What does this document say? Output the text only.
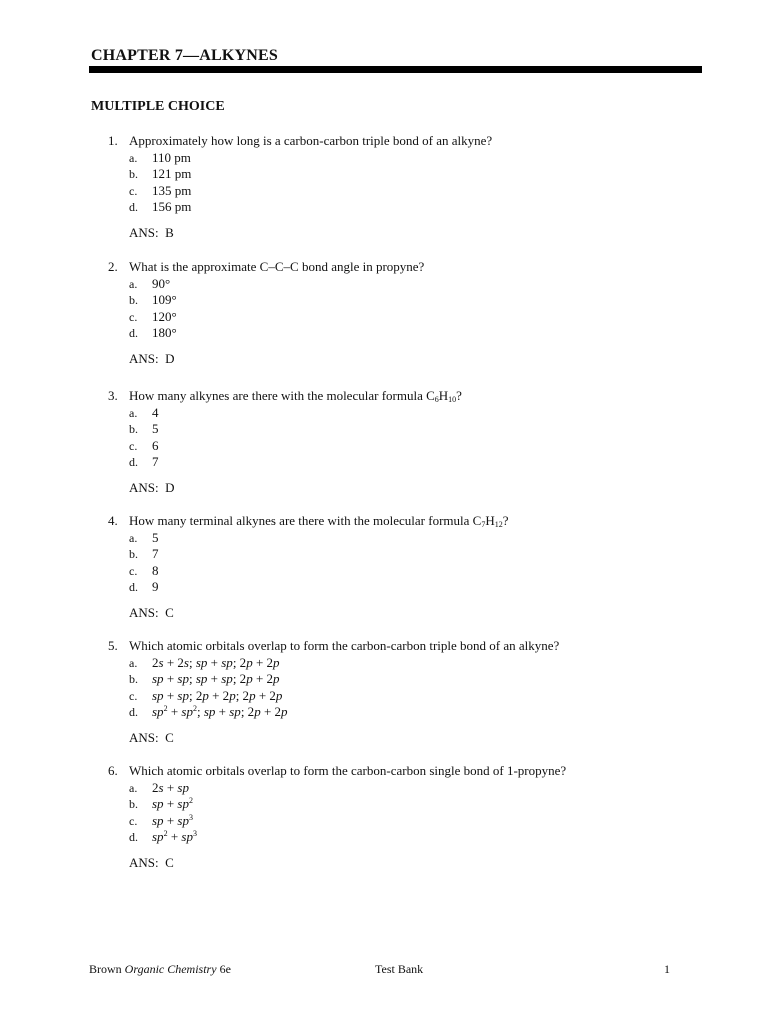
CHAPTER 7—ALKYNES
MULTIPLE CHOICE
1. Approximately how long is a carbon-carbon triple bond of an alkyne?
a. 110 pm
b. 121 pm
c. 135 pm
d. 156 pm
ANS: B
2. What is the approximate C–C–C bond angle in propyne?
a. 90°
b. 109°
c. 120°
d. 180°
ANS: D
3. How many alkynes are there with the molecular formula $C_6H_{10}$?
a. 4
b. 5
c. 6
d. 7
ANS: D
4. How many terminal alkynes are there with the molecular formula $C_7H_{12}$?
a. 5
b. 7
c. 8
d. 9
ANS: C
5. Which atomic orbitals overlap to form the carbon-carbon triple bond of an alkyne?
a. 2s + 2s; sp + sp; 2p + 2p
b. sp + sp; sp + sp; 2p + 2p
c. sp + sp; 2p + 2p; 2p + 2p
d. $sp^2 + sp^2$; sp + sp; 2p + 2p
ANS: C
6. Which atomic orbitals overlap to form the carbon-carbon single bond of 1-propyne?
a. 2s + sp
b. sp + $sp^2$
c. sp + $sp^3$
d. $sp^2 + sp^3$
ANS: C
Brown Organic Chemistry 6e	Test Bank	1
